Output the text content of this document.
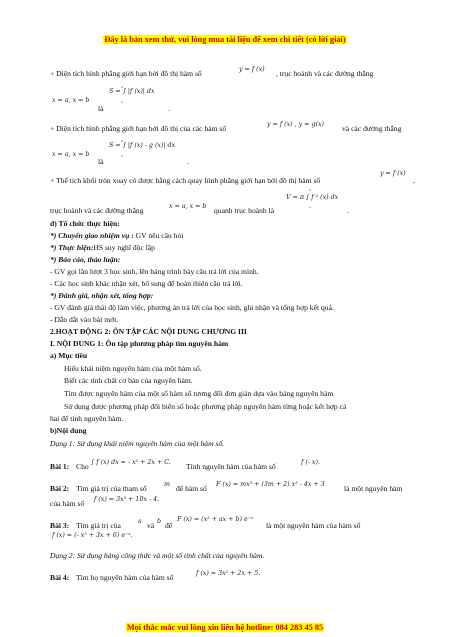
Đây là bản xem thử, vui lòng mua tài liệu để xem chi tiết (có lời giải)
+ Diện tích hình phẳng giới hạn bởi đồ thị hàm số	y = f (x) , trục hoành và các đường thẳng
S = ∫ |f (x)| dx
b
a
x = a, x = b
là	.
+ Diện tích hình phẳng giới hạn bởi đồ thị của các hàm số	y = f (x) , y = g(x) và các đường thẳng
S = ∫ |f (x) - g (x)| dx
b
a
x = a, x = b
là	.
+ Thể tích khối tròn xoay có được bằng cách quay hình phẳng giới hạn bởi đồ thị hàm số
y = f (x)
,
trục hoành và các đường thẳng	x = a, x = b quanh trục hoành là
V = π ∫ f ² (x) dx
b
a	.
d) Tổ chức thực hiện:
*) Chuyển giao nhiệm vụ : GV nêu câu hỏi
*) Thực hiện:HS suy nghĩ độc lập
*) Báo cáo, thảo luận:
- GV gọi lần lượt 3 học sinh, lên bảng trình bày câu trả lời của mình.
- Các học sinh khác nhận xét, bổ sung để hoàn thiện câu trả lời.
*) Đánh giá, nhận xét, tổng hợp:
- GV đánh giá thái độ làm việc, phương án trả lời của học sinh, ghi nhận và tổng hợp kết quả.
- Dẫn dắt vào bài mới.
2.HOẠT ĐỘNG 2: ÔN TẬP CÁC NỘI DUNG CHƯƠNG III
I. NỘI DUNG 1: Ôn tập phương pháp tìm nguyên hàm
a) Mục tiêu
Hiểu khái niệm nguyên hàm của một hàm số.
Biết các tính chất cơ bản của nguyên hàm.
Tìm được nguyên hàm của một số hàm số tương đối đơn giản dựa vào bảng nguyên hàm
Sử dụng được phương pháp đổi biến số hoặc phương pháp nguyên hàm từng hoặc kết hợp cả
hai để tính nguyên hàm.
b)Nội dung
Dạng 1: Sử dụng khái niệm nguyên hàm của một hàm số.
Bài 1: Cho ∫ f (x) dx = - x² + 2x + C. Tính nguyên hàm của hàm số	f (- x).
Bài 2: Tìm giá trị của tham số	m để hàm số F (x) = mx³ + (3m + 2) x² - 4x + 3	là một nguyên hàm
của hàm số f (x) = 3x² + 10x - 4.
Bài 3: Tìm giá trị của	a và b để
F (x) = (x² + ax + b) e⁻ˣ
là một nguyên hàm của hàm số
f (x) = (- x² + 3x + 6) e⁻ˣ.
Dạng 2: Sử dụng bảng công thức và một số tính chất của nguyên hàm.
Bài 4: Tìm họ nguyên hàm của hàm số	f (x) = 3x² + 2x + 5.
Mọi thắc mắc vui lòng xin liên hệ hotline: 084 283 45 85
